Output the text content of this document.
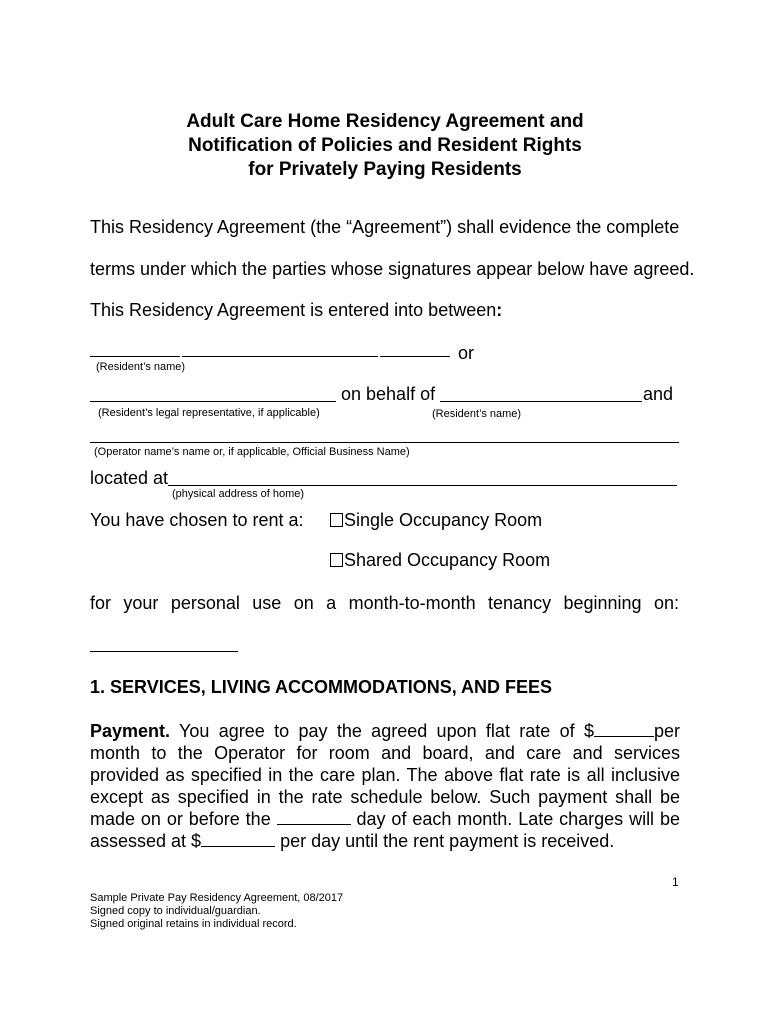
Adult Care Home Residency Agreement and
Notification of Policies and Resident Rights
for Privately Paying Residents
This Residency Agreement (the “Agreement”) shall evidence the complete
terms under which the parties whose signatures appear below have agreed.
This Residency Agreement is entered into between:
or
(Resident’s name)
on behalf of	and
(Resident’s legal representative, if applicable)	(Resident’s name)
(Operator name’s name or, if applicable, Official Business Name)
located at
(physical address of home)
You have chosen to rent a:	Single Occupancy Room
Shared Occupancy Room
for your personal use on a month-to-month tenancy beginning on:
1. SERVICES, LIVING ACCOMMODATIONS, AND FEES
Payment. You agree to pay the agreed upon flat rate of $	per month to the Operator for room and board, and care and services provided as specified in the care plan. The above flat rate is all inclusive except as specified in the rate schedule below. Such payment shall be made on or before the	day of each month. Late charges will be assessed at $	per day until the rent payment is received.
1
Sample Private Pay Residency Agreement, 08/2017
Signed copy to individual/guardian.
Signed original retains in individual record.
